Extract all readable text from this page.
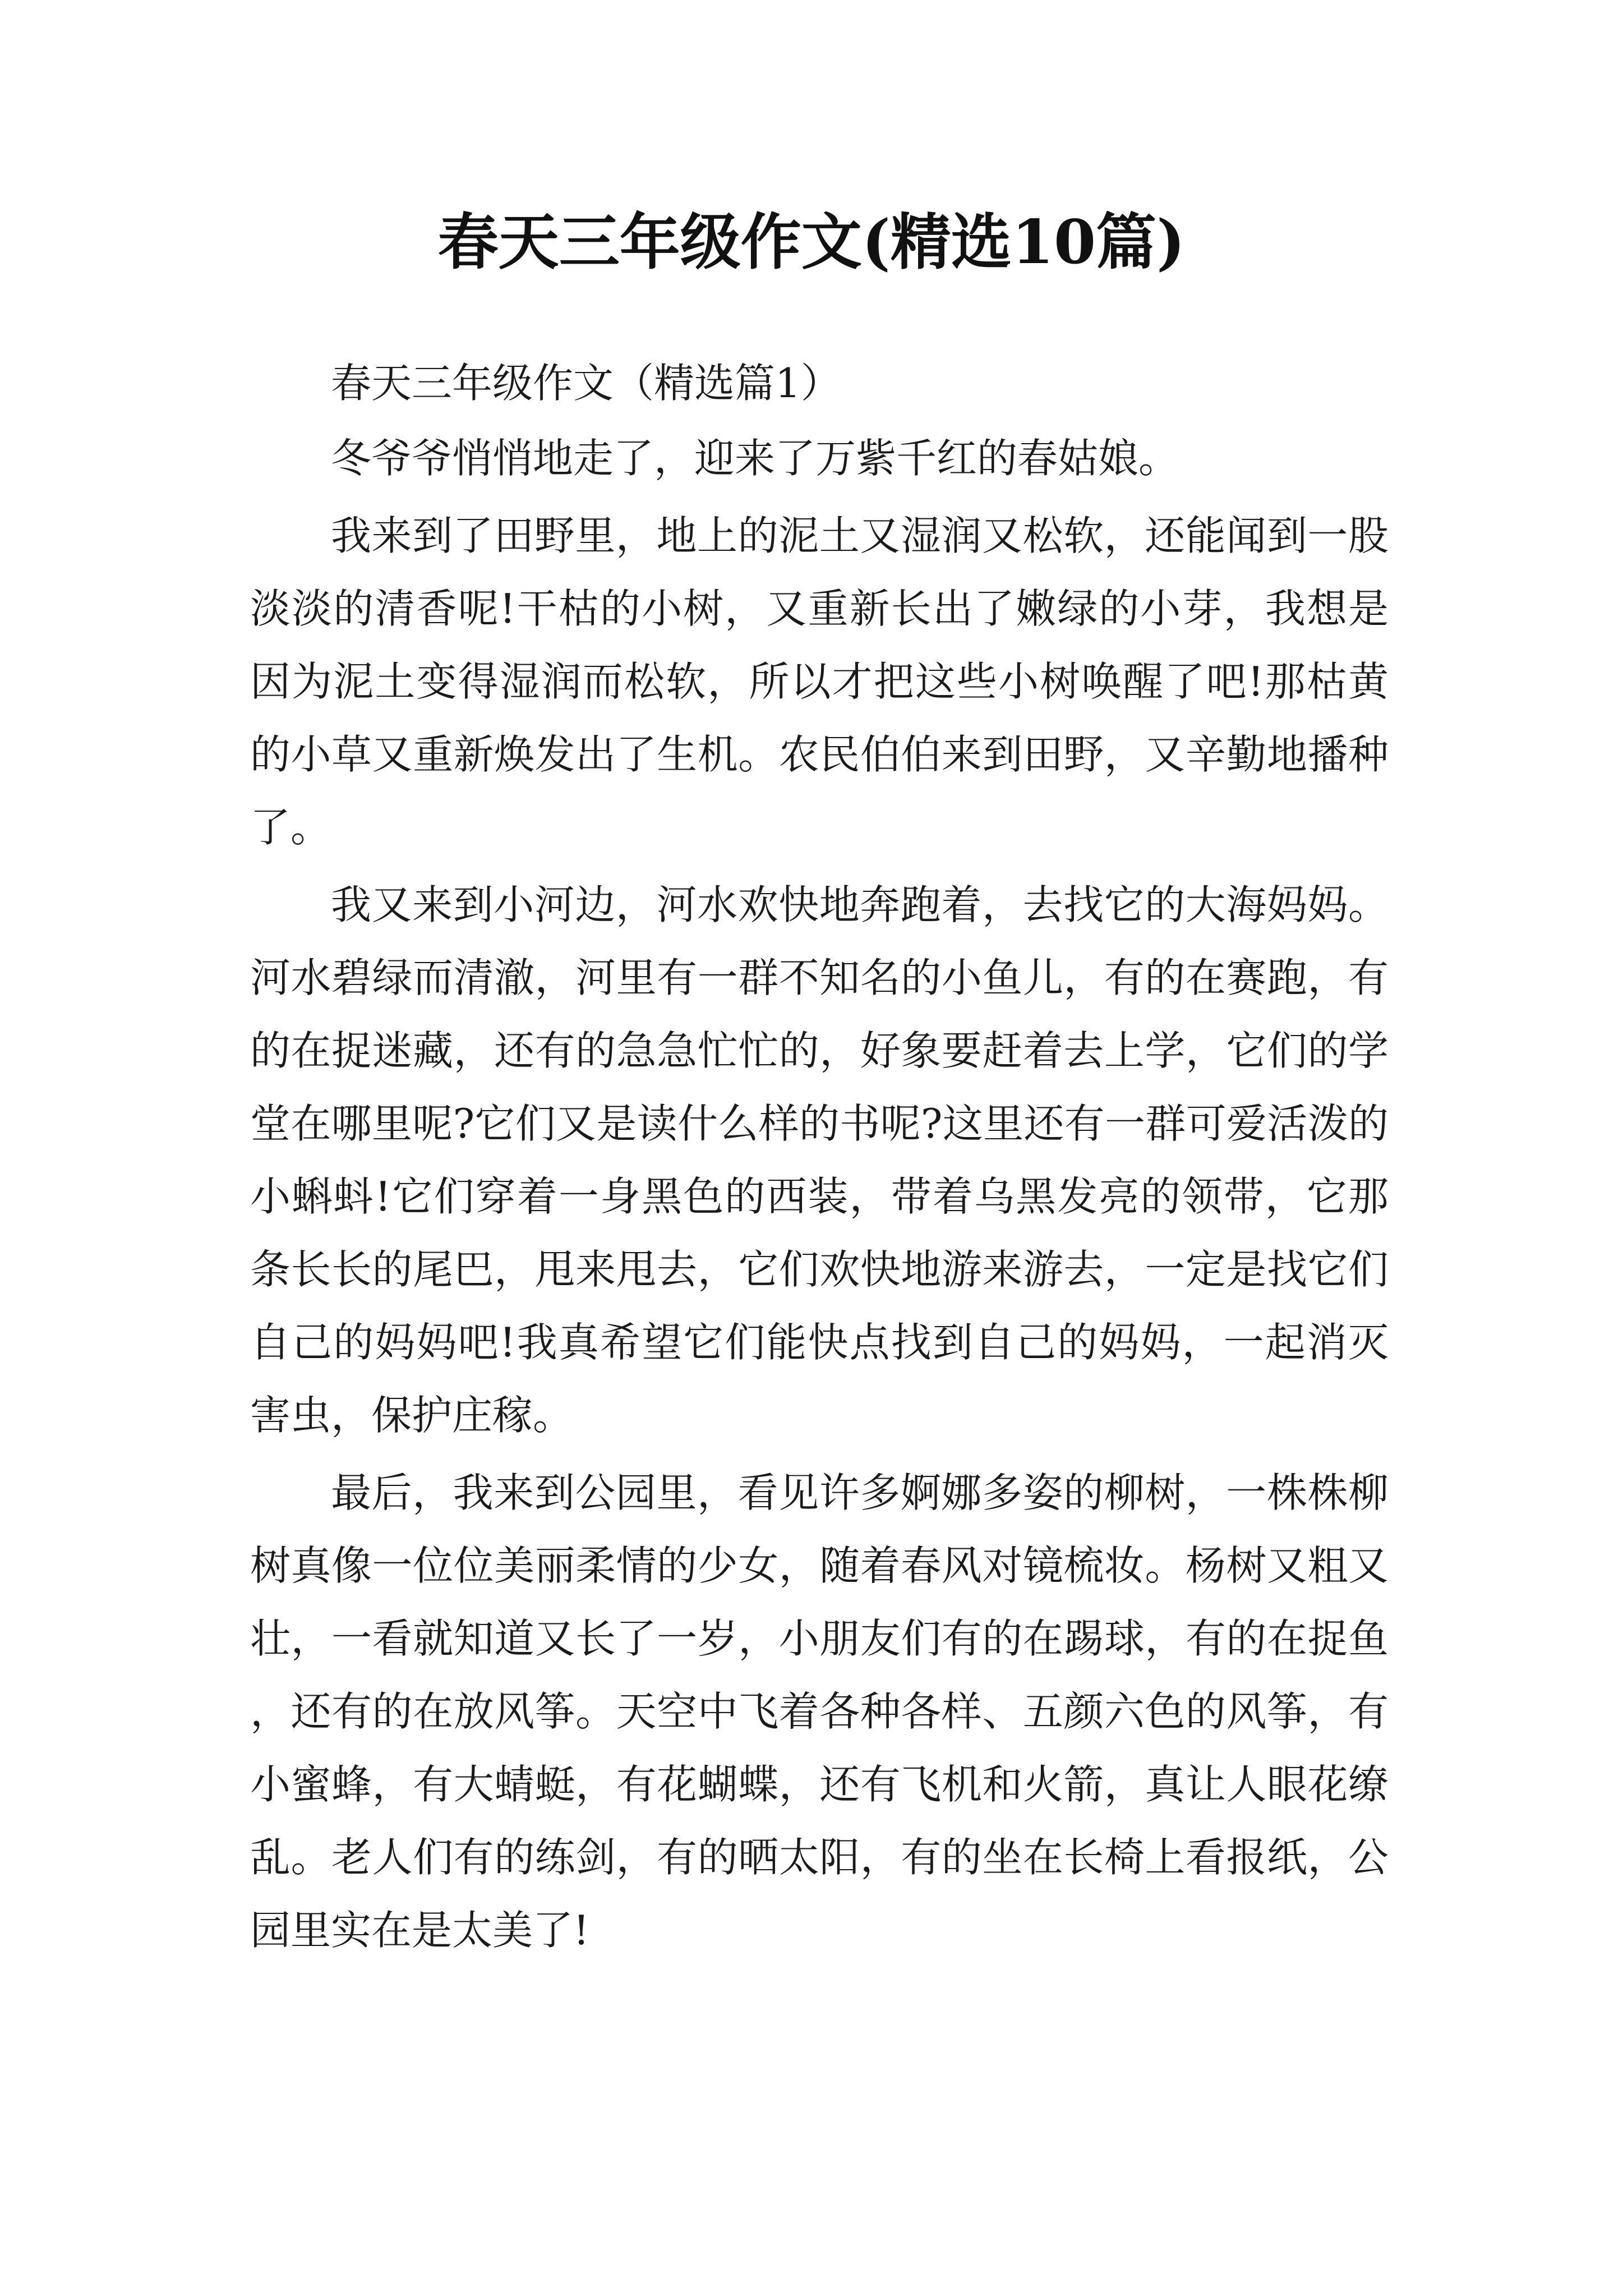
春天三年级作文(精选10篇)

春天三年级作文（精选篇1）

冬爷爷悄悄地走了，迎来了万紫千红的春姑娘。

我来到了田野里，地上的泥土又湿润又松软，还能闻到一股淡淡的清香呢!干枯的小树，又重新长出了嫩绿的小芽，我想是因为泥土变得湿润而松软，所以才把这些小树唤醒了吧!那枯黄的小草又重新焕发出了生机。农民伯伯来到田野，又辛勤地播种了。

我又来到小河边，河水欢快地奔跑着，去找它的大海妈妈。河水碧绿而清澈，河里有一群不知名的小鱼儿，有的在赛跑，有的在捉迷藏，还有的急急忙忙的，好象要赶着去上学，它们的学堂在哪里呢?它们又是读什么样的书呢?这里还有一群可爱活泼的小蝌蚪!它们穿着一身黑色的西装，带着乌黑发亮的领带，它那条长长的尾巴，甩来甩去，它们欢快地游来游去，一定是找它们自己的妈妈吧!我真希望它们能快点找到自己的妈妈，一起消灭害虫，保护庄稼。

最后，我来到公园里，看见许多婀娜多姿的柳树，一株株柳树真像一位位美丽柔情的少女，随着春风对镜梳妆。杨树又粗又壮，一看就知道又长了一岁，小朋友们有的在踢球，有的在捉鱼，还有的在放风筝。天空中飞着各种各样、五颜六色的风筝，有小蜜蜂，有大蜻蜓，有花蝴蝶，还有飞机和火箭，真让人眼花缭乱。老人们有的练剑，有的晒太阳，有的坐在长椅上看报纸，公园里实在是太美了!
